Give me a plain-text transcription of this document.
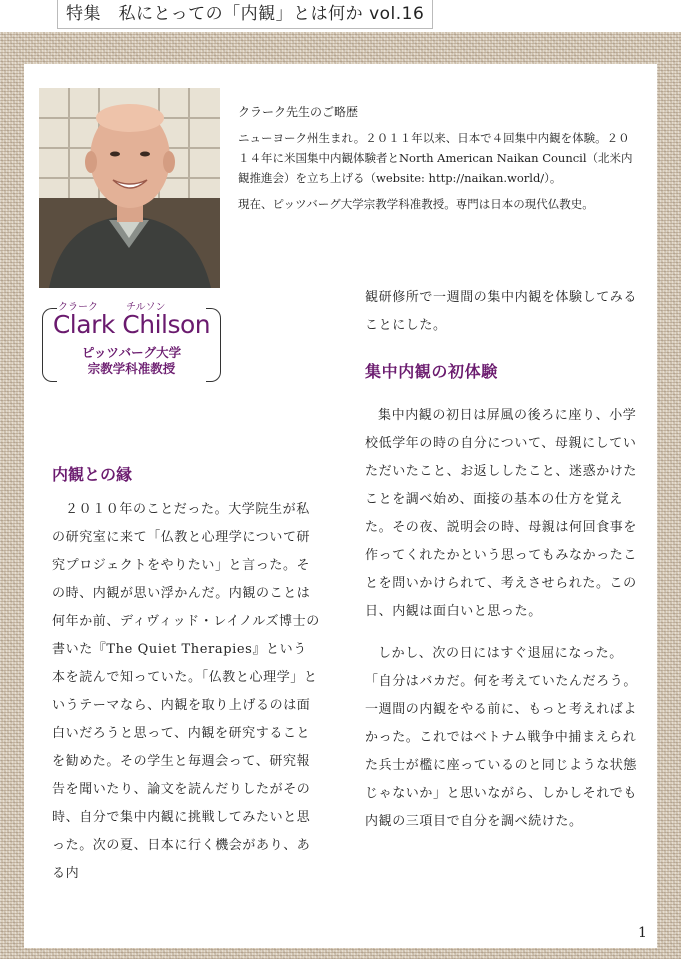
特集　私にとっての「内観」とは何か vol.16

クラーク先生のご略歴

ニューヨーク州生まれ。２０１１年以来、日本で４回集中内観を体験。２０１４年に米国集中内観体験者とNorth American Naikan Council（北米内観推進会）を立ち上げる（website: http://naikan.world/）。

現在、ピッツバーグ大学宗教学科准教授。専門は日本の現代仏教史。

クラーク	チルソン
Clark Chilson
ピッツバーグ大学
宗教学科准教授
内観との縁

２０１０年のことだった。大学院生が私の研究室に来て「仏教と心理学について研究プロジェクトをやりたい」と言った。その時、内観が思い浮かんだ。内観のことは何年か前、ディヴィッド・レイノルズ博士の書いた『The Quiet Therapies』という本を読んで知っていた。「仏教と心理学」というテーマなら、内観を取り上げるのは面白いだろうと思って、内観を研究することを勧めた。その学生と毎週会って、研究報告を聞いたり、論文を読んだりしたがその時、自分で集中内観に挑戦してみたいと思った。次の夏、日本に行く機会があり、ある内

観研修所で一週間の集中内観を体験してみることにした。

集中内観の初体験

集中内観の初日は屏風の後ろに座り、小学校低学年の時の自分について、母親にしていただいたこと、お返ししたこと、迷惑かけたことを調べ始め、面接の基本の仕方を覚えた。その夜、説明会の時、母親は何回食事を作ってくれたかという思ってもみなかったことを問いかけられて、考えさせられた。この日、内観は面白いと思った。

しかし、次の日にはすぐ退屈になった。「自分はバカだ。何を考えていたんだろう。一週間の内観をやる前に、もっと考えればよかった。これではベトナム戦争中捕まえられた兵士が檻に座っているのと同じような状態じゃないか」と思いながら、しかしそれでも内観の三項目で自分を調べ続けた。

1
